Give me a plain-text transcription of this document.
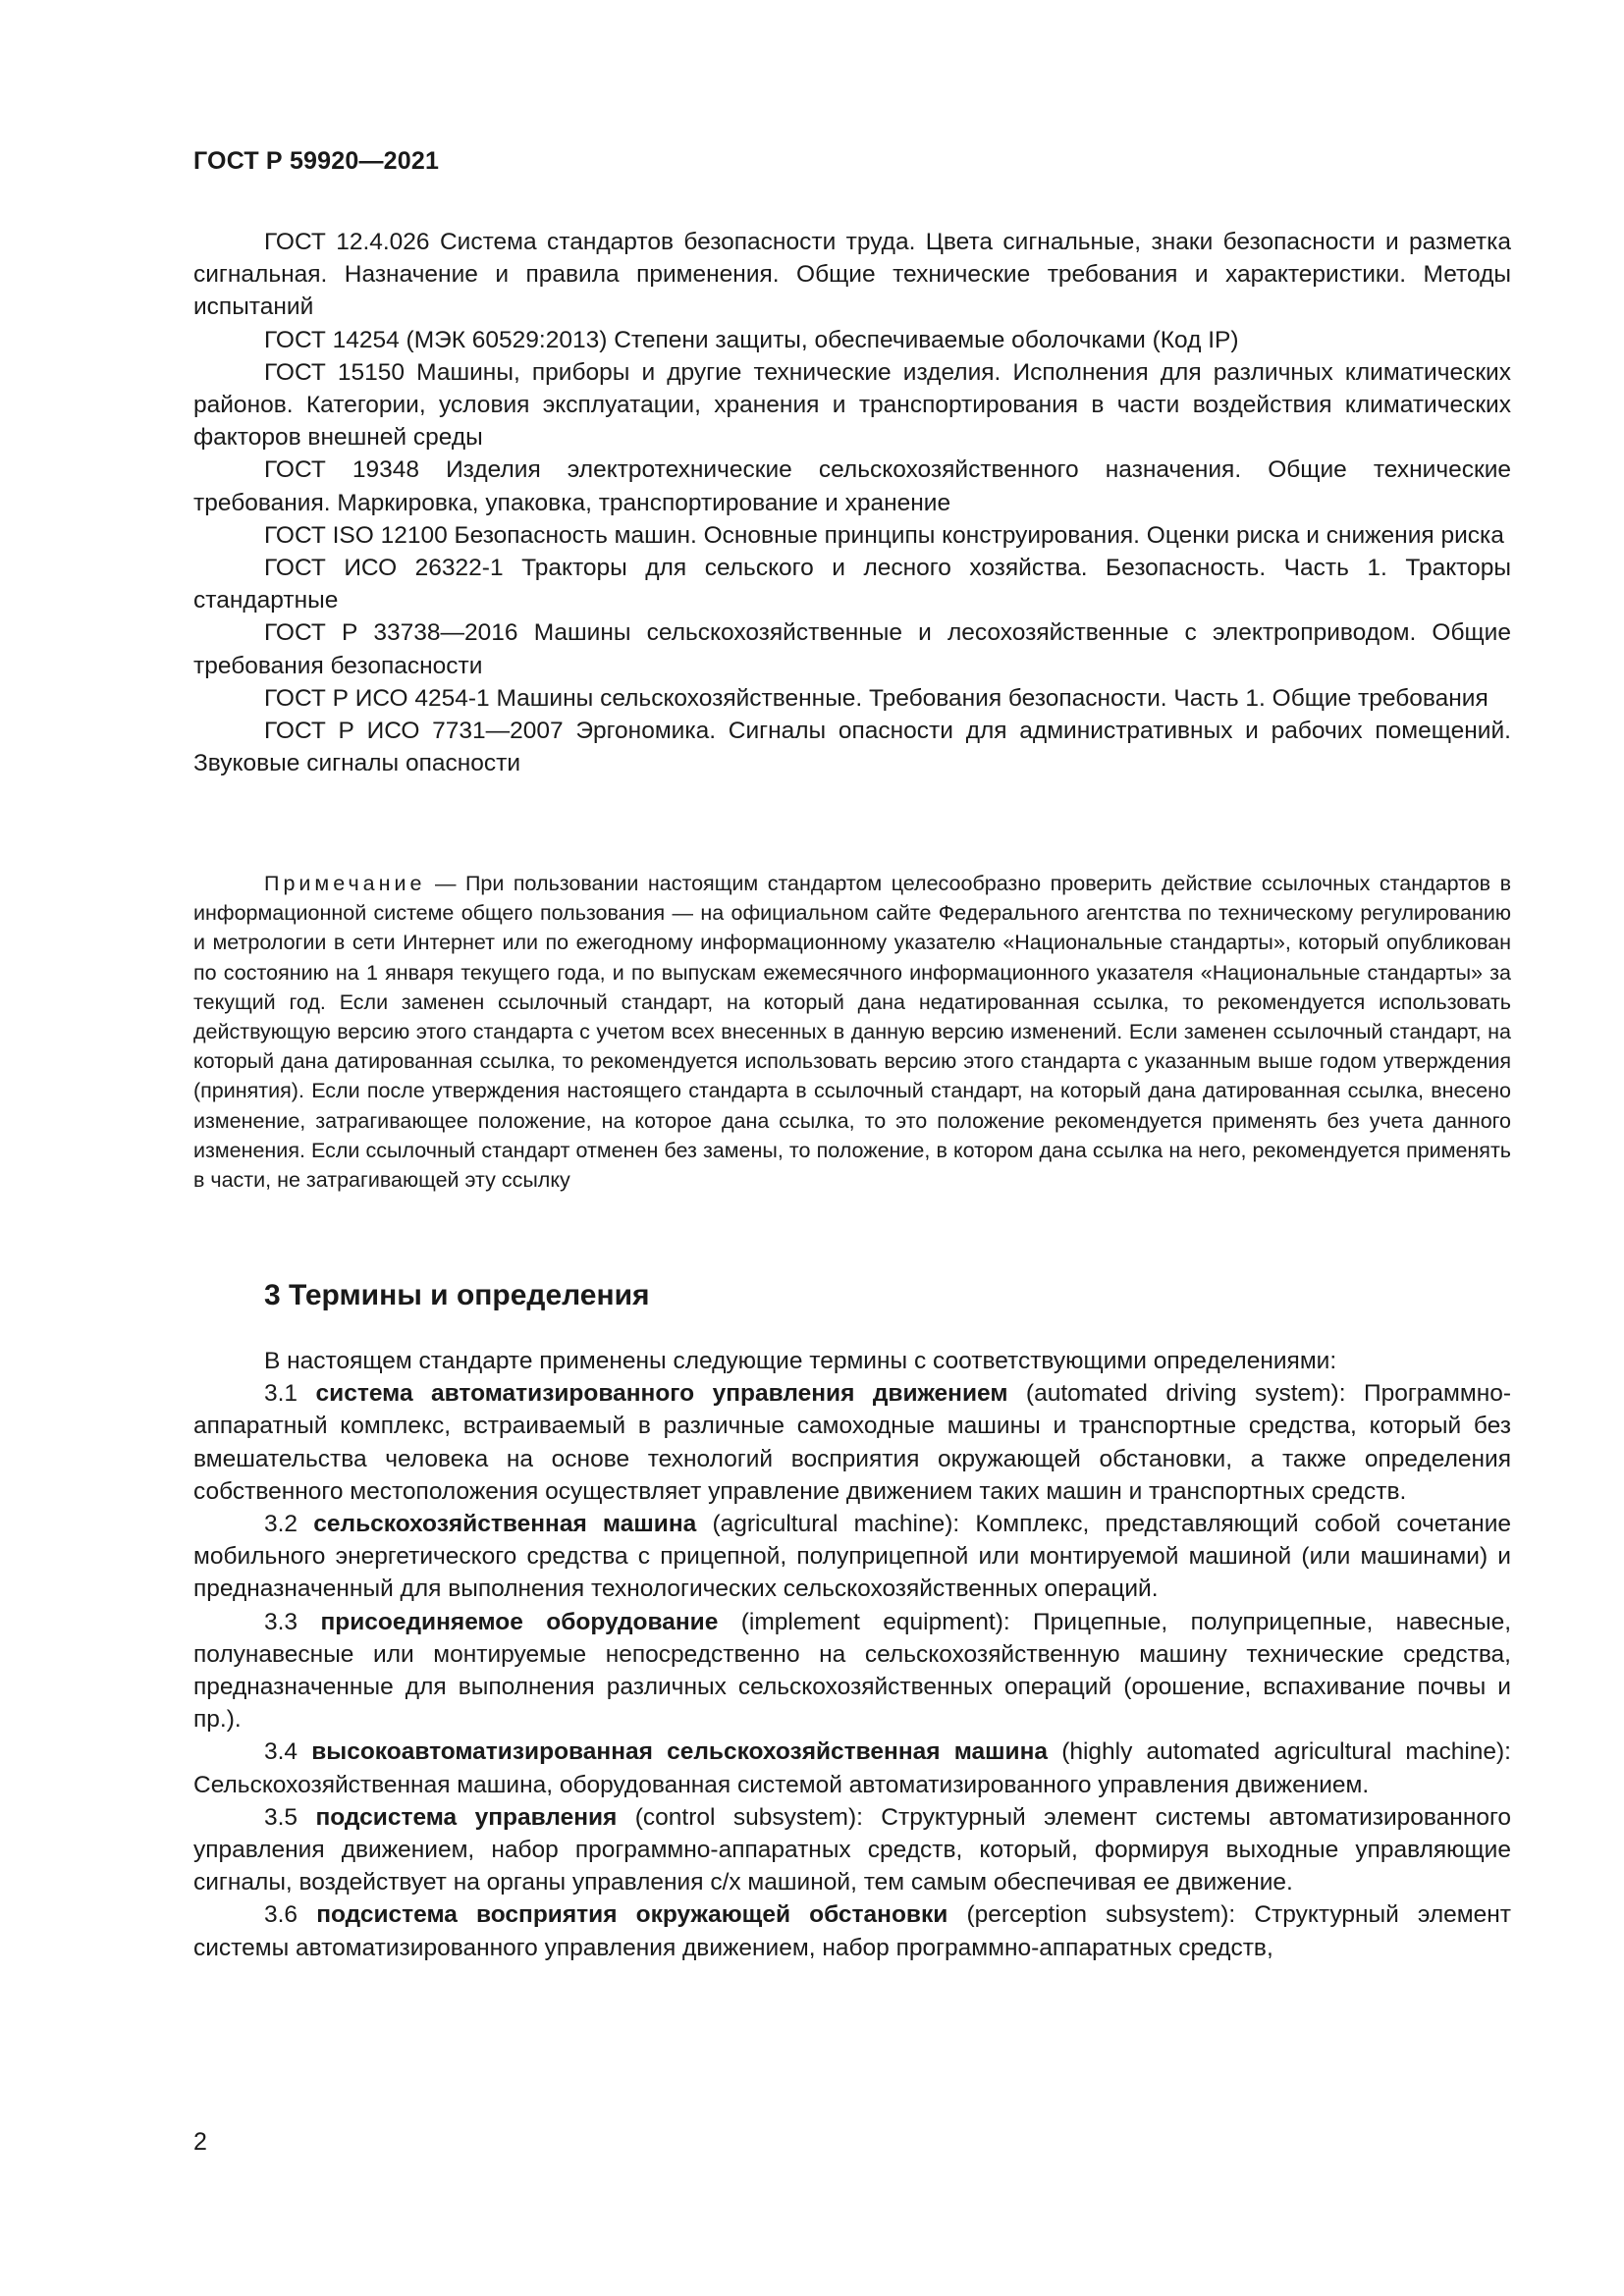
ГОСТ Р 59920—2021

ГОСТ 12.4.026 Система стандартов безопасности труда. Цвета сигнальные, знаки безопасности и разметка сигнальная. Назначение и правила применения. Общие технические требования и характеристики. Методы испытаний

ГОСТ 14254 (МЭК 60529:2013) Степени защиты, обеспечиваемые оболочками (Код IP)

ГОСТ 15150 Машины, приборы и другие технические изделия. Исполнения для различных климатических районов. Категории, условия эксплуатации, хранения и транспортирования в части воздействия климатических факторов внешней среды

ГОСТ 19348 Изделия электротехнические сельскохозяйственного назначения. Общие технические требования. Маркировка, упаковка, транспортирование и хранение

ГОСТ ISO 12100 Безопасность машин. Основные принципы конструирования. Оценки риска и снижения риска

ГОСТ ИСО 26322-1 Тракторы для сельского и лесного хозяйства. Безопасность. Часть 1. Тракторы стандартные

ГОСТ Р 33738—2016 Машины сельскохозяйственные и лесохозяйственные с электроприводом. Общие требования безопасности

ГОСТ Р ИСО 4254-1 Машины сельскохозяйственные. Требования безопасности. Часть 1. Общие требования

ГОСТ Р ИСО 7731—2007 Эргономика. Сигналы опасности для административных и рабочих помещений. Звуковые сигналы опасности

Примечание — При пользовании настоящим стандартом целесообразно проверить действие ссылочных стандартов в информационной системе общего пользования — на официальном сайте Федерального агентства по техническому регулированию и метрологии в сети Интернет или по ежегодному информационному указателю «Национальные стандарты», который опубликован по состоянию на 1 января текущего года, и по выпускам ежемесячного информационного указателя «Национальные стандарты» за текущий год. Если заменен ссылочный стандарт, на который дана недатированная ссылка, то рекомендуется использовать действующую версию этого стандарта с учетом всех внесенных в данную версию изменений. Если заменен ссылочный стандарт, на который дана датированная ссылка, то рекомендуется использовать версию этого стандарта с указанным выше годом утверждения (принятия). Если после утверждения настоящего стандарта в ссылочный стандарт, на который дана датированная ссылка, внесено изменение, затрагивающее положение, на которое дана ссылка, то это положение рекомендуется применять без учета данного изменения. Если ссылочный стандарт отменен без замены, то положение, в котором дана ссылка на него, рекомендуется применять в части, не затрагивающей эту ссылку

3 Термины и определения

В настоящем стандарте применены следующие термины с соответствующими определениями:

3.1 система автоматизированного управления движением (automated driving system): Программно-аппаратный комплекс, встраиваемый в различные самоходные машины и транспортные средства, который без вмешательства человека на основе технологий восприятия окружающей обстановки, а также определения собственного местоположения осуществляет управление движением таких машин и транспортных средств.

3.2 сельскохозяйственная машина (agricultural machine): Комплекс, представляющий собой сочетание мобильного энергетического средства с прицепной, полуприцепной или монтируемой машиной (или машинами) и предназначенный для выполнения технологических сельскохозяйственных операций.

3.3 присоединяемое оборудование (implement equipment): Прицепные, полуприцепные, навесные, полунавесные или монтируемые непосредственно на сельскохозяйственную машину технические средства, предназначенные для выполнения различных сельскохозяйственных операций (орошение, вспахивание почвы и пр.).

3.4 высокоавтоматизированная сельскохозяйственная машина (highly automated agricultural machine): Сельскохозяйственная машина, оборудованная системой автоматизированного управления движением.

3.5 подсистема управления (control subsystem): Структурный элемент системы автоматизированного управления движением, набор программно-аппаратных средств, который, формируя выходные управляющие сигналы, воздействует на органы управления с/х машиной, тем самым обеспечивая ее движение.

3.6 подсистема восприятия окружающей обстановки (perception subsystem): Структурный элемент системы автоматизированного управления движением, набор программно-аппаратных средств,

2
